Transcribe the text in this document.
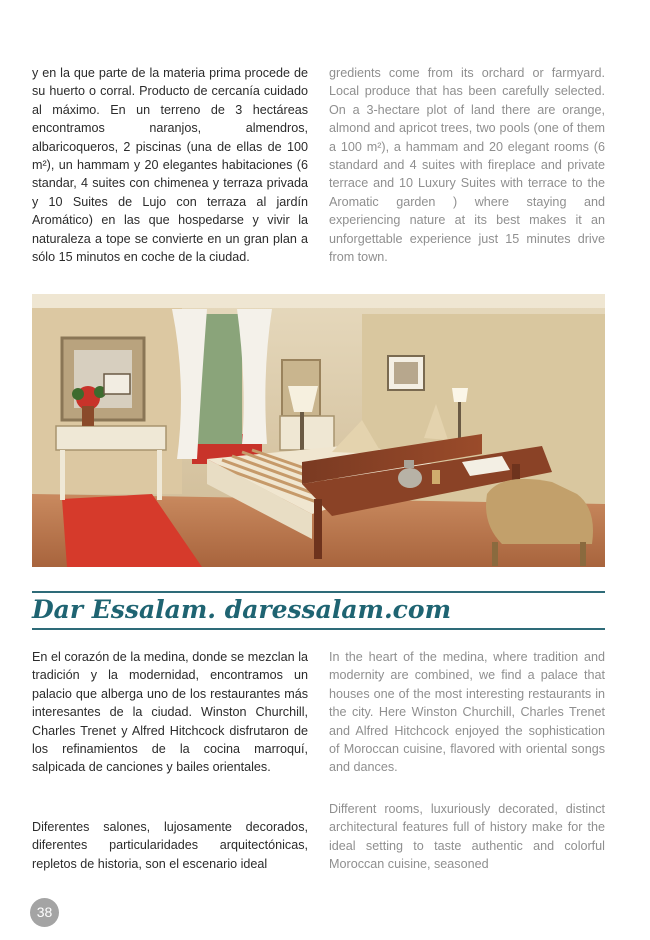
y en la que parte de la materia prima procede de su huerto o corral. Producto de cercanía cuidado al máximo. En un terreno de 3 hectáreas encontramos naranjos, almendros, albaricoqueros, 2 piscinas (una de ellas de 100 m²), un hammam y 20 elegantes habitaciones (6 standar, 4 suites con chimenea y terraza privada y 10 Suites de Lujo con terraza al jardín Aromático) en las que hospedarse y vivir la naturaleza a tope se convierte en un gran plan a sólo 15 minutos en coche de la ciudad.

gredients come from its orchard or farmyard. Local produce that has been carefully selected. On a 3-hectare plot of land there are orange, almond and apricot trees, two pools (one of them a 100 m²), a hammam and 20 elegant rooms (6 standard and 4 suites with fireplace and private terrace and 10 Luxury Suites with terrace to the Aromatic garden ) where staying and experiencing nature at its best makes it an unforgettable experience just 15 minutes drive from town.

Dar Essalam. daressalam.com

En el corazón de la medina, donde se mezclan la tradición y la modernidad, encontramos un palacio que alberga uno de los restaurantes más interesantes de la ciudad. Winston Churchill, Charles Trenet y Alfred Hitchcock disfrutaron de los refinamientos de la cocina marroquí, salpicada de canciones y bailes orientales.

In the heart of the medina, where tradition and modernity are combined, we find a palace that houses one of the most interesting restaurants in the city. Here Winston Churchill, Charles Trenet and Alfred Hitchcock enjoyed the sophistication of Moroccan cuisine, flavored with oriental songs and dances.

Diferentes salones, lujosamente decorados, diferentes particularidades arquitectónicas, repletos de historia, son el escenario ideal

Different rooms, luxuriously decorated, distinct architectural features full of history make for the ideal setting to taste authentic and colorful Moroccan cuisine, seasoned

38
